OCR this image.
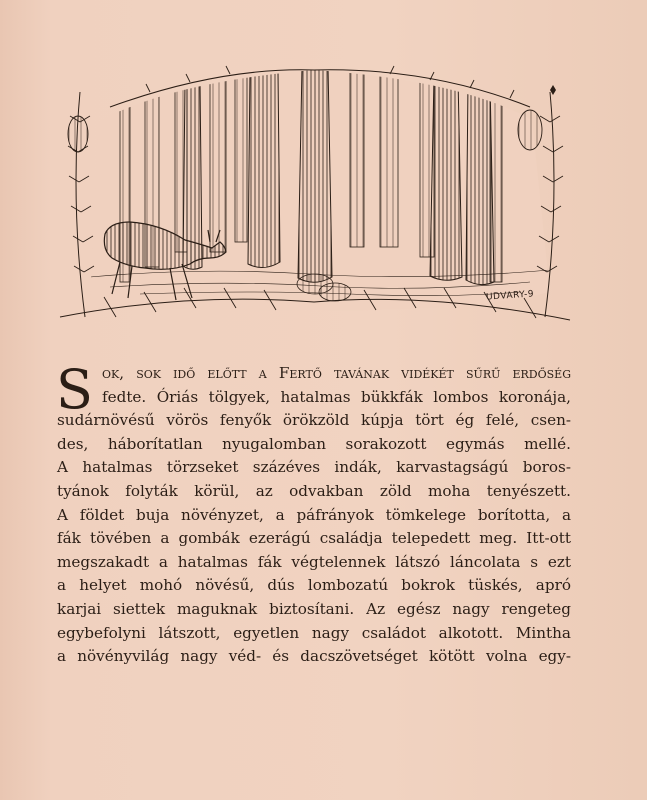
UDVARY-9
S ok, sok idő előtt a Fertő tavának vidékét sűrű erdőség
fedte. Óriás tölgyek, hatalmas bükkfák lombos koronája,
sudárnövésű vörös fenyők örökzöld kúpja tört ég felé, csen-
des, háborítatlan nyugalomban sorakozott egymás mellé.
A hatalmas törzseket százéves indák, karvastagságú boros-
tyánok folyták körül, az odvakban zöld moha tenyészett.
A földet buja növényzet, a páfrányok tömkelege borította, a
fák tövében a gombák ezerágú családja telepedett meg. Itt-ott
megszakadt a hatalmas fák végtelennek látszó láncolata s ezt
a helyet mohó növésű, dús lombozatú bokrok tüskés, apró
karjai siettek maguknak biztosítani. Az egész nagy rengeteg
egybefolyni látszott, egyetlen nagy családot alkotott. Mintha
a növényvilág nagy véd- és dacszövetséget kötött volna egy-
